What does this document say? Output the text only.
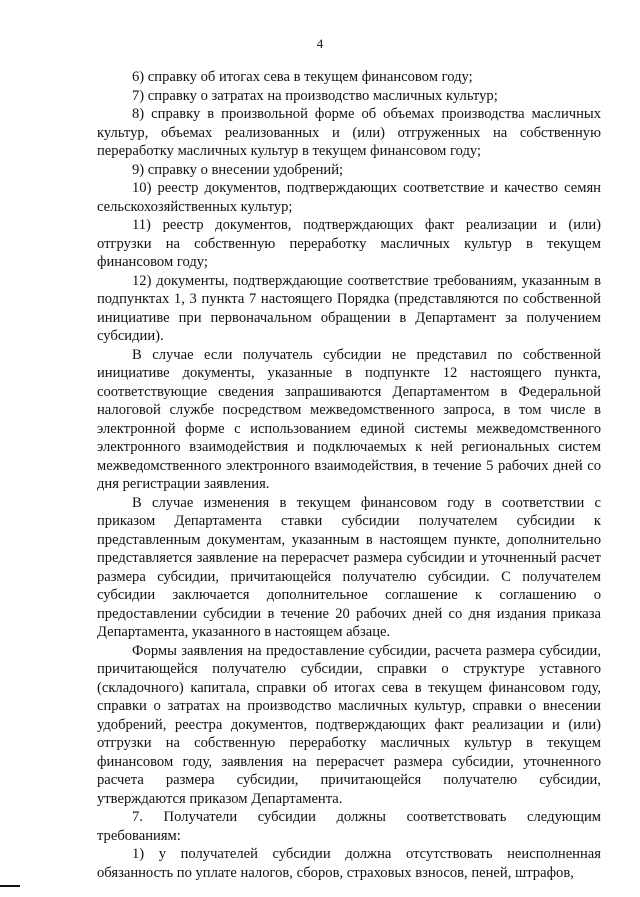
4

6) справку об итогах сева в текущем финансовом году;

7) справку о затратах на производство масличных культур;

8) справку в произвольной форме об объемах производства масличных культур, объемах реализованных и (или) отгруженных на собственную переработку масличных культур в текущем финансовом году;

9) справку о внесении удобрений;

10) реестр документов, подтверждающих соответствие и качество семян сельскохозяйственных культур;

11) реестр документов, подтверждающих факт реализации и (или) отгрузки на собственную переработку масличных культур в текущем финансовом году;

12) документы, подтверждающие соответствие требованиям, указанным в подпунктах 1, 3 пункта 7 настоящего Порядка (представляются по собственной инициативе при первоначальном обращении в Департамент за получением субсидии).

В случае если получатель субсидии не представил по собственной инициативе документы, указанные в подпункте 12 настоящего пункта, соответствующие сведения запрашиваются Департаментом в Федеральной налоговой службе посредством межведомственного запроса, в том числе в электронной форме с использованием единой системы межведомственного электронного взаимодействия и подключаемых к ней региональных систем межведомственного электронного взаимодействия, в течение 5 рабочих дней со дня регистрации заявления.

В случае изменения в текущем финансовом году в соответствии с приказом Департамента ставки субсидии получателем субсидии к представленным документам, указанным в настоящем пункте, дополнительно представляется заявление на перерасчет размера субсидии и уточненный расчет размера субсидии, причитающейся получателю субсидии. С получателем субсидии заключается дополнительное соглашение к соглашению о предоставлении субсидии в течение 20 рабочих дней со дня издания приказа Департамента, указанного в настоящем абзаце.

Формы заявления на предоставление субсидии, расчета размера субсидии, причитающейся получателю субсидии, справки о структуре уставного (складочного) капитала, справки об итогах сева в текущем финансовом году, справки о затратах на производство масличных культур, справки о внесении удобрений, реестра документов, подтверждающих факт реализации и (или) отгрузки на собственную переработку масличных культур в текущем финансовом году, заявления на перерасчет размера субсидии, уточненного расчета размера субсидии, причитающейся получателю субсидии, утверждаются приказом Департамента.

7. Получатели субсидии должны соответствовать следующим требованиям:

1) у получателей субсидии должна отсутствовать неисполненная обязанность по уплате налогов, сборов, страховых взносов, пеней, штрафов,
